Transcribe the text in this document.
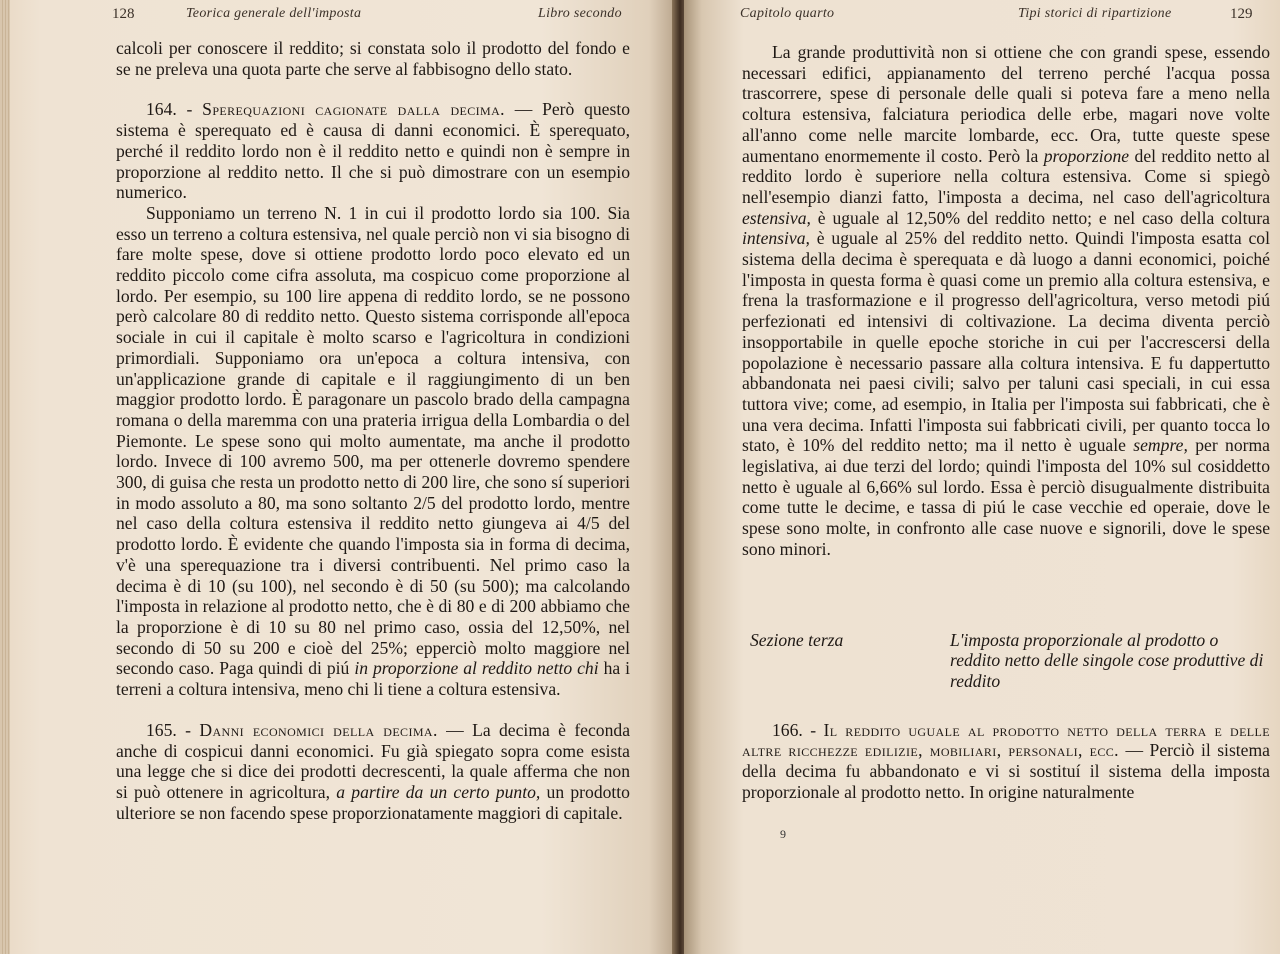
128	Teorica generale dell'imposta	Libro secondo

calcoli per conoscere il reddito; si constata solo il prodotto del fondo e se ne preleva una quota parte che serve al fabbisogno dello stato.

164. - Sperequazioni cagionate dalla decima. — Però questo sistema è sperequato ed è causa di danni economici. È sperequato, perché il reddito lordo non è il reddito netto e quindi non è sempre in proporzione al reddito netto. Il che si può dimostrare con un esempio numerico.

Supponiamo un terreno N. 1 in cui il prodotto lordo sia 100. Sia esso un terreno a coltura estensiva, nel quale perciò non vi sia bisogno di fare molte spese, dove si ottiene prodotto lordo poco elevato ed un reddito piccolo come cifra assoluta, ma cospicuo come proporzione al lordo. Per esempio, su 100 lire appena di reddito lordo, se ne possono però calcolare 80 di reddito netto. Questo sistema corrisponde all'epoca sociale in cui il capitale è molto scarso e l'agricoltura in condizioni primordiali. Supponiamo ora un'epoca a coltura intensiva, con un'applicazione grande di capitale e il raggiungimento di un ben maggior prodotto lordo. È paragonare un pascolo brado della campagna romana o della maremma con una prateria irrigua della Lombardia o del Piemonte. Le spese sono qui molto aumentate, ma anche il prodotto lordo. Invece di 100 avremo 500, ma per ottenerle dovremo spendere 300, di guisa che resta un prodotto netto di 200 lire, che sono sí superiori in modo assoluto a 80, ma sono soltanto 2/5 del prodotto lordo, mentre nel caso della coltura estensiva il reddito netto giungeva ai 4/5 del prodotto lordo. È evidente che quando l'imposta sia in forma di decima, v'è una sperequazione tra i diversi contribuenti. Nel primo caso la decima è di 10 (su 100), nel secondo è di 50 (su 500); ma calcolando l'imposta in relazione al prodotto netto, che è di 80 e di 200 abbiamo che la proporzione è di 10 su 80 nel primo caso, ossia del 12,50%, nel secondo di 50 su 200 e cioè del 25%; epperciò molto maggiore nel secondo caso. Paga quindi di piú in proporzione al reddito netto chi ha i terreni a coltura intensiva, meno chi li tiene a coltura estensiva.

165. - Danni economici della decima. — La decima è feconda anche di cospicui danni economici. Fu già spiegato sopra come esista una legge che si dice dei prodotti decrescenti, la quale afferma che non si può ottenere in agricoltura, a partire da un certo punto, un prodotto ulteriore se non facendo spese proporzionatamente maggiori di capitale.

Capitolo quarto	Tipi storici di ripartizione	129

La grande produttività non si ottiene che con grandi spese, essendo necessari edifici, appianamento del terreno perché l'acqua possa trascorrere, spese di personale delle quali si poteva fare a meno nella coltura estensiva, falciatura periodica delle erbe, magari nove volte all'anno come nelle marcite lombarde, ecc. Ora, tutte queste spese aumentano enormemente il costo. Però la proporzione del reddito netto al reddito lordo è superiore nella coltura estensiva. Come si spiegò nell'esempio dianzi fatto, l'imposta a decima, nel caso dell'agricoltura estensiva, è uguale al 12,50% del reddito netto; e nel caso della coltura intensiva, è uguale al 25% del reddito netto. Quindi l'imposta esatta col sistema della decima è sperequata e dà luogo a danni economici, poiché l'imposta in questa forma è quasi come un premio alla coltura estensiva, e frena la trasformazione e il progresso dell'agricoltura, verso metodi piú perfezionati ed intensivi di coltivazione. La decima diventa perciò insopportabile in quelle epoche storiche in cui per l'accrescersi della popolazione è necessario passare alla coltura intensiva. E fu dappertutto abbandonata nei paesi civili; salvo per taluni casi speciali, in cui essa tuttora vive; come, ad esempio, in Italia per l'imposta sui fabbricati, che è una vera decima. Infatti l'imposta sui fabbricati civili, per quanto tocca lo stato, è 10% del reddito netto; ma il netto è uguale sempre, per norma legislativa, ai due terzi del lordo; quindi l'imposta del 10% sul cosiddetto netto è uguale al 6,66% sul lordo. Essa è perciò disugualmente distribuita come tutte le decime, e tassa di piú le case vecchie ed operaie, dove le spese sono molte, in confronto alle case nuove e signorili, dove le spese sono minori.

Sezione terza	L'imposta proporzionale al prodotto o reddito netto delle singole cose produttive di reddito

166. - Il reddito uguale al prodotto netto della terra e delle altre ricchezze edilizie, mobiliari, personali, ecc. — Perciò il sistema della decima fu abbandonato e vi si sostituí il sistema della imposta proporzionale al prodotto netto. In origine naturalmente

9
